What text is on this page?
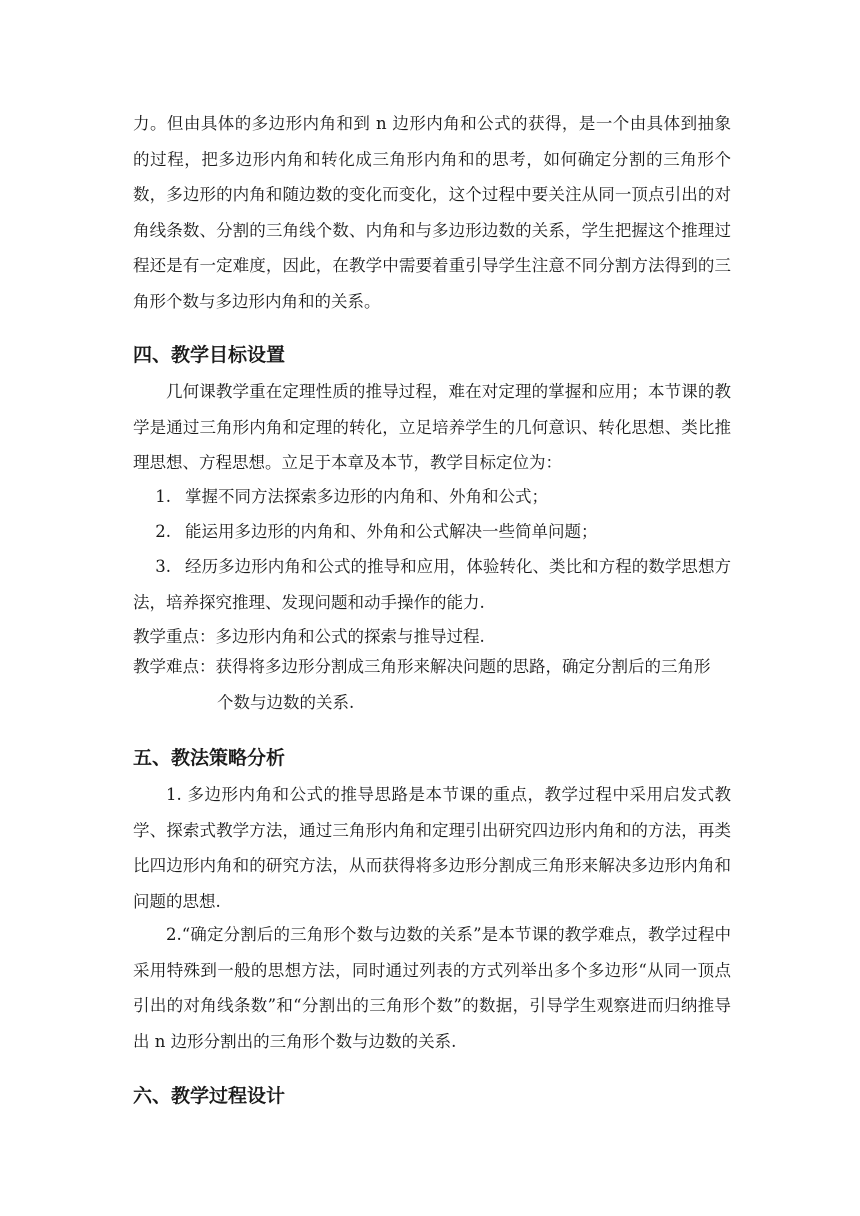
力。但由具体的多边形内角和到 n 边形内角和公式的获得，是一个由具体到抽象的过程，把多边形内角和转化成三角形内角和的思考，如何确定分割的三角形个数，多边形的内角和随边数的变化而变化，这个过程中要关注从同一顶点引出的对角线条数、分割的三角线个数、内角和与多边形边数的关系，学生把握这个推理过程还是有一定难度，因此，在教学中需要着重引导学生注意不同分割方法得到的三角形个数与多边形内角和的关系。

四、教学目标设置

几何课教学重在定理性质的推导过程，难在对定理的掌握和应用；本节课的教学是通过三角形内角和定理的转化，立足培养学生的几何意识、转化思想、类比推理思想、方程思想。立足于本章及本节，教学目标定位为：

1. 掌握不同方法探索多边形的内角和、外角和公式；

2. 能运用多边形的内角和、外角和公式解决一些简单问题；

3. 经历多边形内角和公式的推导和应用，体验转化、类比和方程的数学思想方法，培养探究推理、发现问题和动手操作的能力.

教学重点：多边形内角和公式的探索与推导过程.

教学难点：获得将多边形分割成三角形来解决问题的思路，确定分割后的三角形
个数与边数的关系.

五、教法策略分析

1. 多边形内角和公式的推导思路是本节课的重点，教学过程中采用启发式教学、探索式教学方法，通过三角形内角和定理引出研究四边形内角和的方法，再类比四边形内角和的研究方法，从而获得将多边形分割成三角形来解决多边形内角和问题的思想.

2.“确定分割后的三角形个数与边数的关系”是本节课的教学难点，教学过程中采用特殊到一般的思想方法，同时通过列表的方式列举出多个多边形“从同一顶点引出的对角线条数”和“分割出的三角形个数”的数据，引导学生观察进而归纳推导出 n 边形分割出的三角形个数与边数的关系.

六、教学过程设计
